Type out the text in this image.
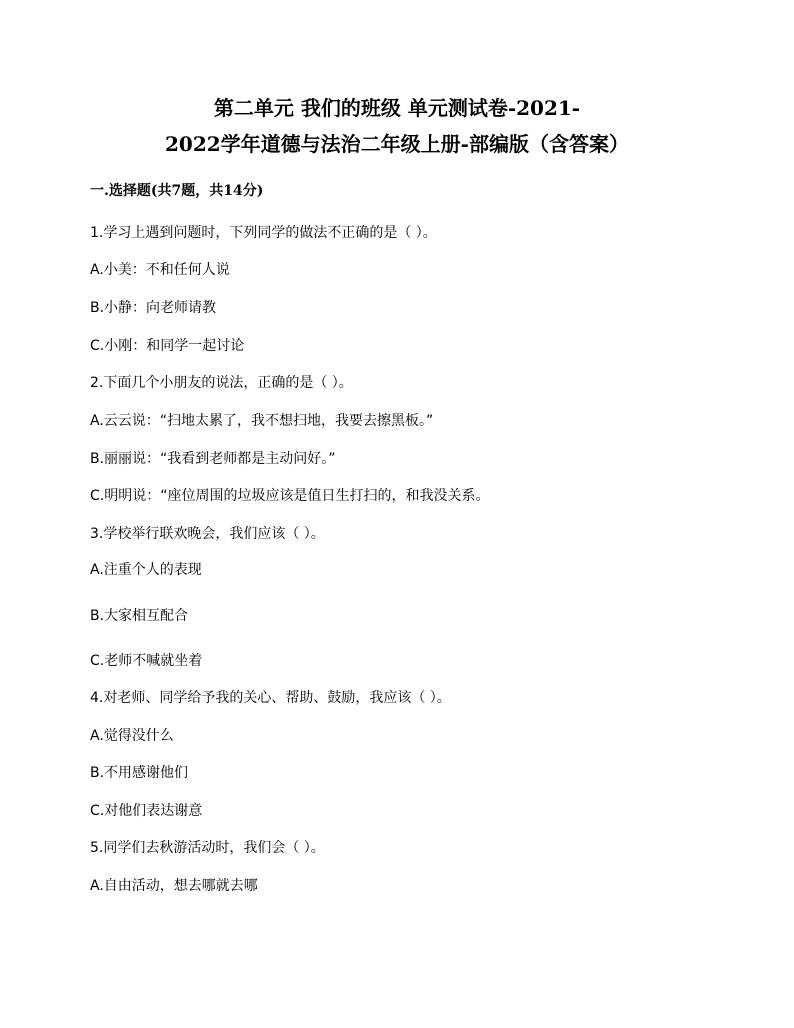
第二单元 我们的班级 单元测试卷-2021-
2022学年道德与法治二年级上册-部编版（含答案）
一.选择题(共7题，共14分)
1.学习上遇到问题时，下列同学的做法不正确的是（ ）。
A.小美：不和任何人说
B.小静：向老师请教
C.小刚：和同学一起讨论
2.下面几个小朋友的说法，正确的是（ ）。
A.云云说：“扫地太累了，我不想扫地，我要去擦黑板。”
B.丽丽说：“我看到老师都是主动问好。”
C.明明说：“座位周围的垃圾应该是值日生打扫的，和我没关系。
3.学校举行联欢晚会，我们应该（ ）。
A.注重个人的表现
B.大家相互配合
C.老师不喊就坐着
4.对老师、同学给予我的关心、帮助、鼓励，我应该（ ）。
A.觉得没什么
B.不用感谢他们
C.对他们表达谢意
5.同学们去秋游活动时，我们会（ ）。
A.自由活动，想去哪就去哪
